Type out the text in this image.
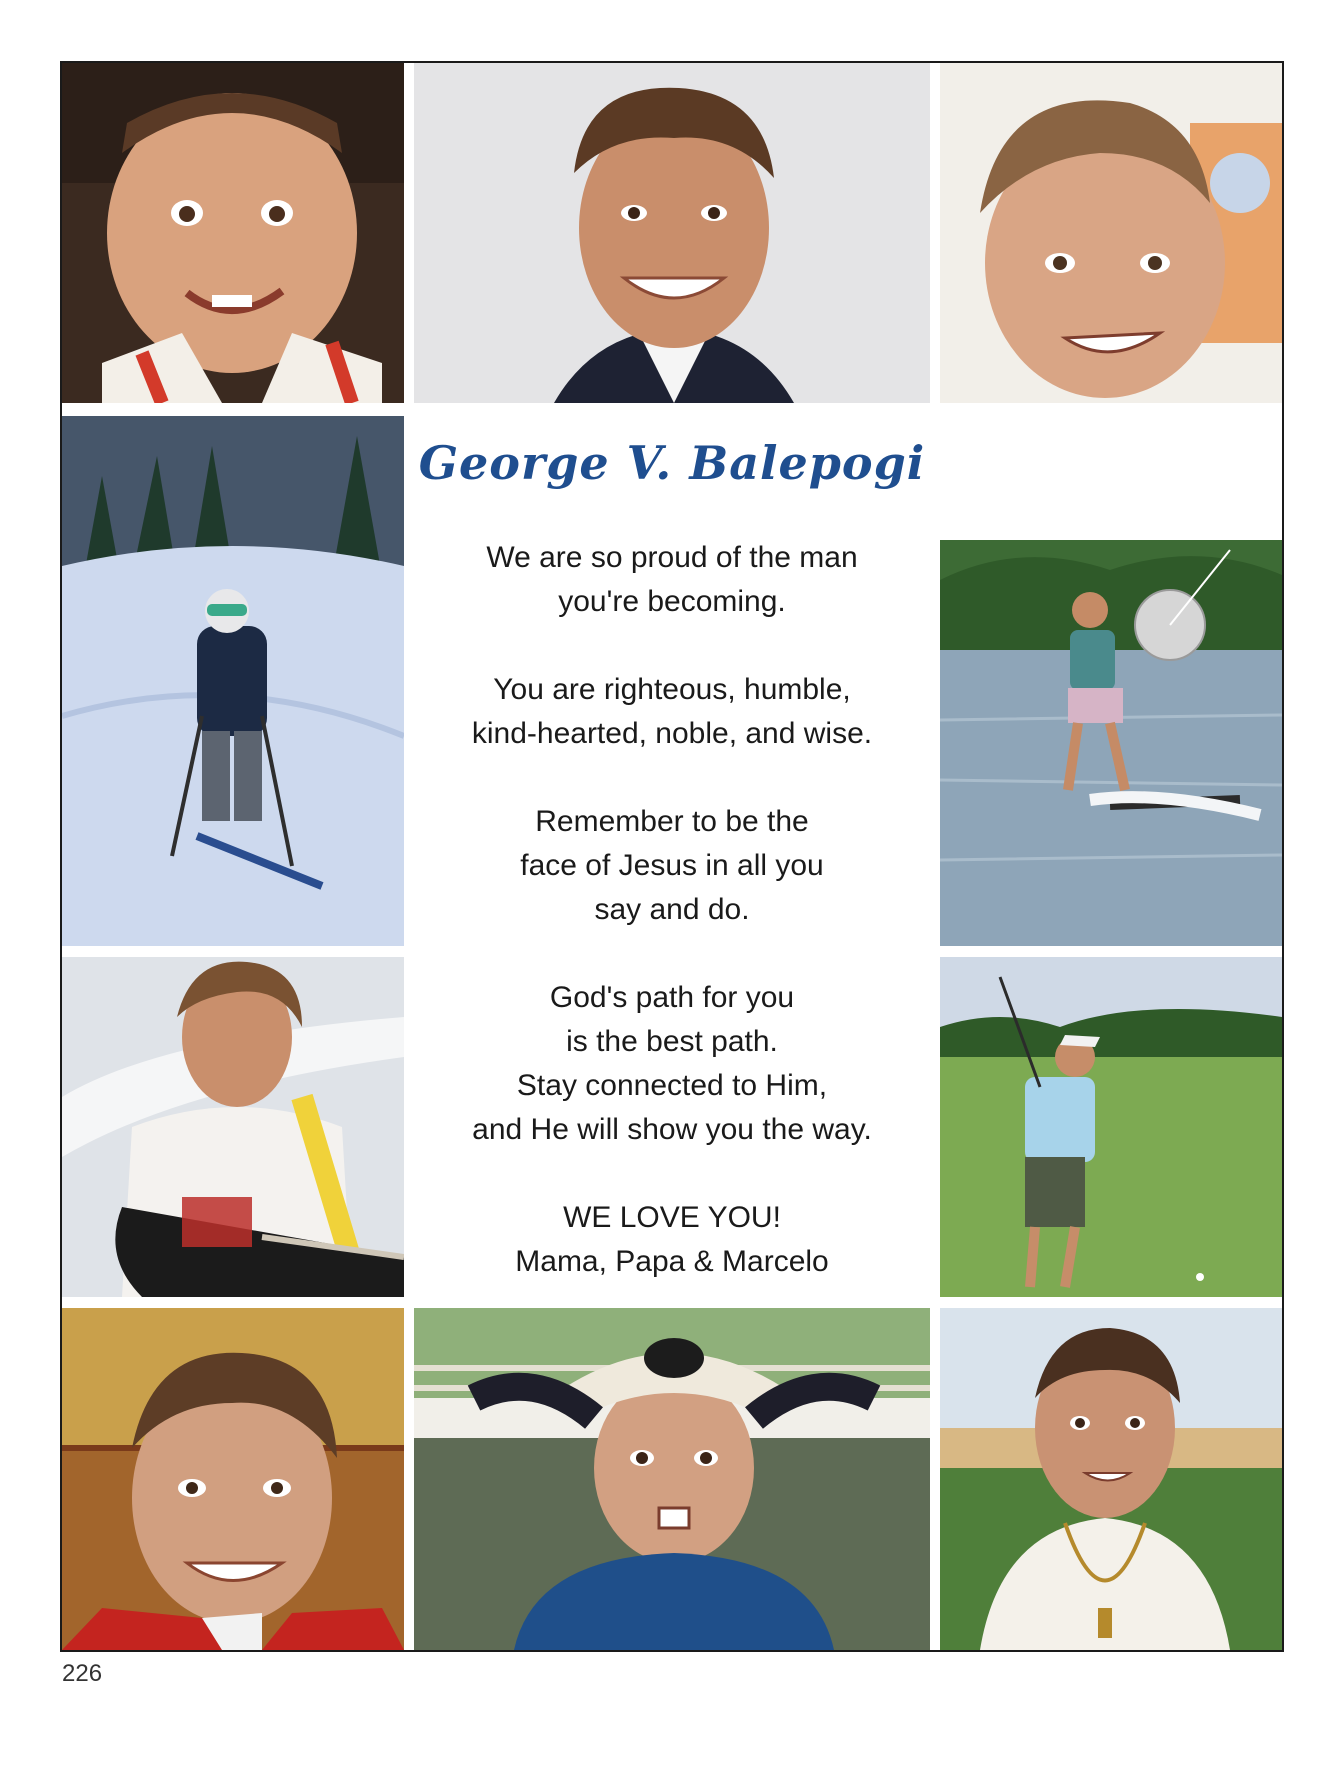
George V. Balepogi

We are so proud of the man
you're becoming.

You are righteous, humble,
kind-hearted, noble, and wise.

Remember to be the
face of Jesus in all you
say and do.

God's path for you
is the best path.
Stay connected to Him,
and He will show you the way.

WE LOVE YOU!
Mama, Papa & Marcelo

226
